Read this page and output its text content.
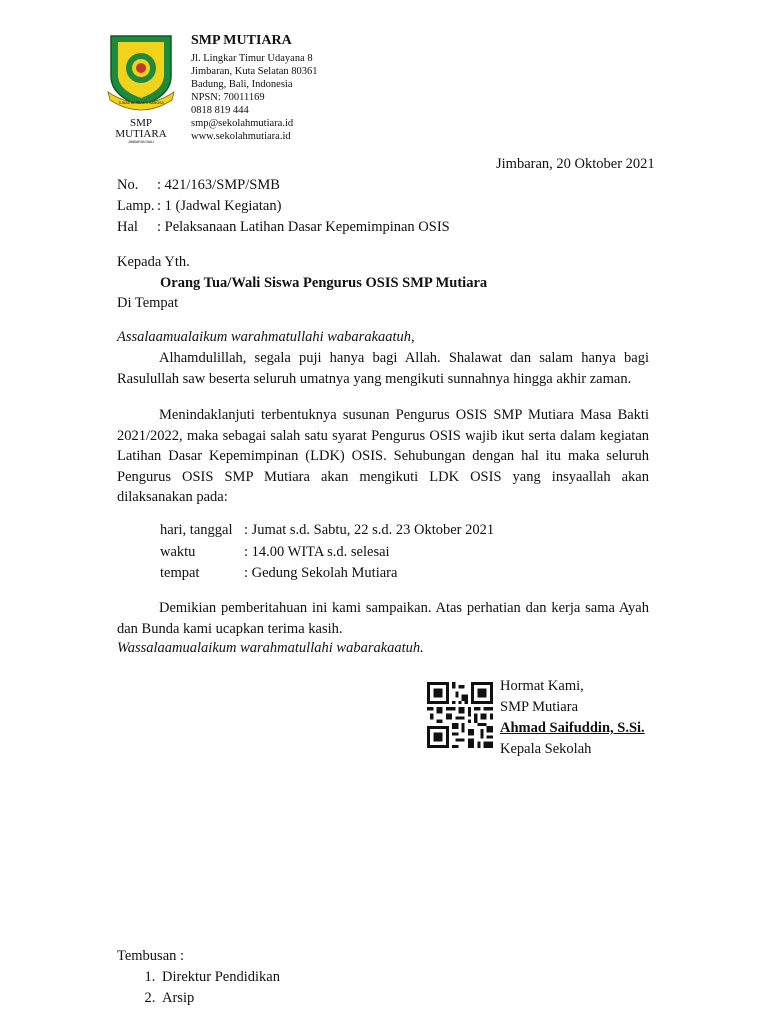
SMP
MUTIARA
JIMBARAN BALI
TUNAS BERBAKTI BANGSA
SMP MUTIARA
Jl. Lingkar Timur Udayana 8
Jimbaran, Kuta Selatan 80361
Badung, Bali, Indonesia
NPSN: 70011169
0818 819 444
smp@sekolahmutiara.id
www.sekolahmutiara.id
Jimbaran, 20 Oktober 2021
No.	: 421/163/SMP/SMB
Lamp. : 1 (Jadwal Kegiatan)
Hal	: Pelaksanaan Latihan Dasar Kepemimpinan OSIS
Kepada Yth.
Orang Tua/Wali Siswa Pengurus OSIS SMP Mutiara
Di Tempat
Assalaamualaikum warahmatullahi wabarakaatuh,
Alhamdulillah, segala puji hanya bagi Allah. Shalawat dan salam hanya bagi Rasulullah saw beserta seluruh umatnya yang mengikuti sunnahnya hingga akhir zaman.
Menindaklanjuti terbentuknya susunan Pengurus OSIS SMP Mutiara Masa Bakti 2021/2022, maka sebagai salah satu syarat Pengurus OSIS wajib ikut serta dalam kegiatan Latihan Dasar Kepemimpinan (LDK) OSIS. Sehubungan dengan hal itu maka seluruh Pengurus OSIS SMP Mutiara akan mengikuti LDK OSIS yang insyaallah akan dilaksanakan pada:
hari, tanggal : Jumat s.d. Sabtu, 22 s.d. 23 Oktober 2021
waktu	: 14.00 WITA s.d. selesai
tempat	: Gedung Sekolah Mutiara
Demikian pemberitahuan ini kami sampaikan. Atas perhatian dan kerja sama Ayah dan Bunda kami ucapkan terima kasih.
Wassalaamualaikum warahmatullahi wabarakaatuh.
Hormat Kami,
SMP Mutiara
Ahmad Saifuddin, S.Si.
Kepala Sekolah
Tembusan :
1. Direktur Pendidikan
2. Arsip
